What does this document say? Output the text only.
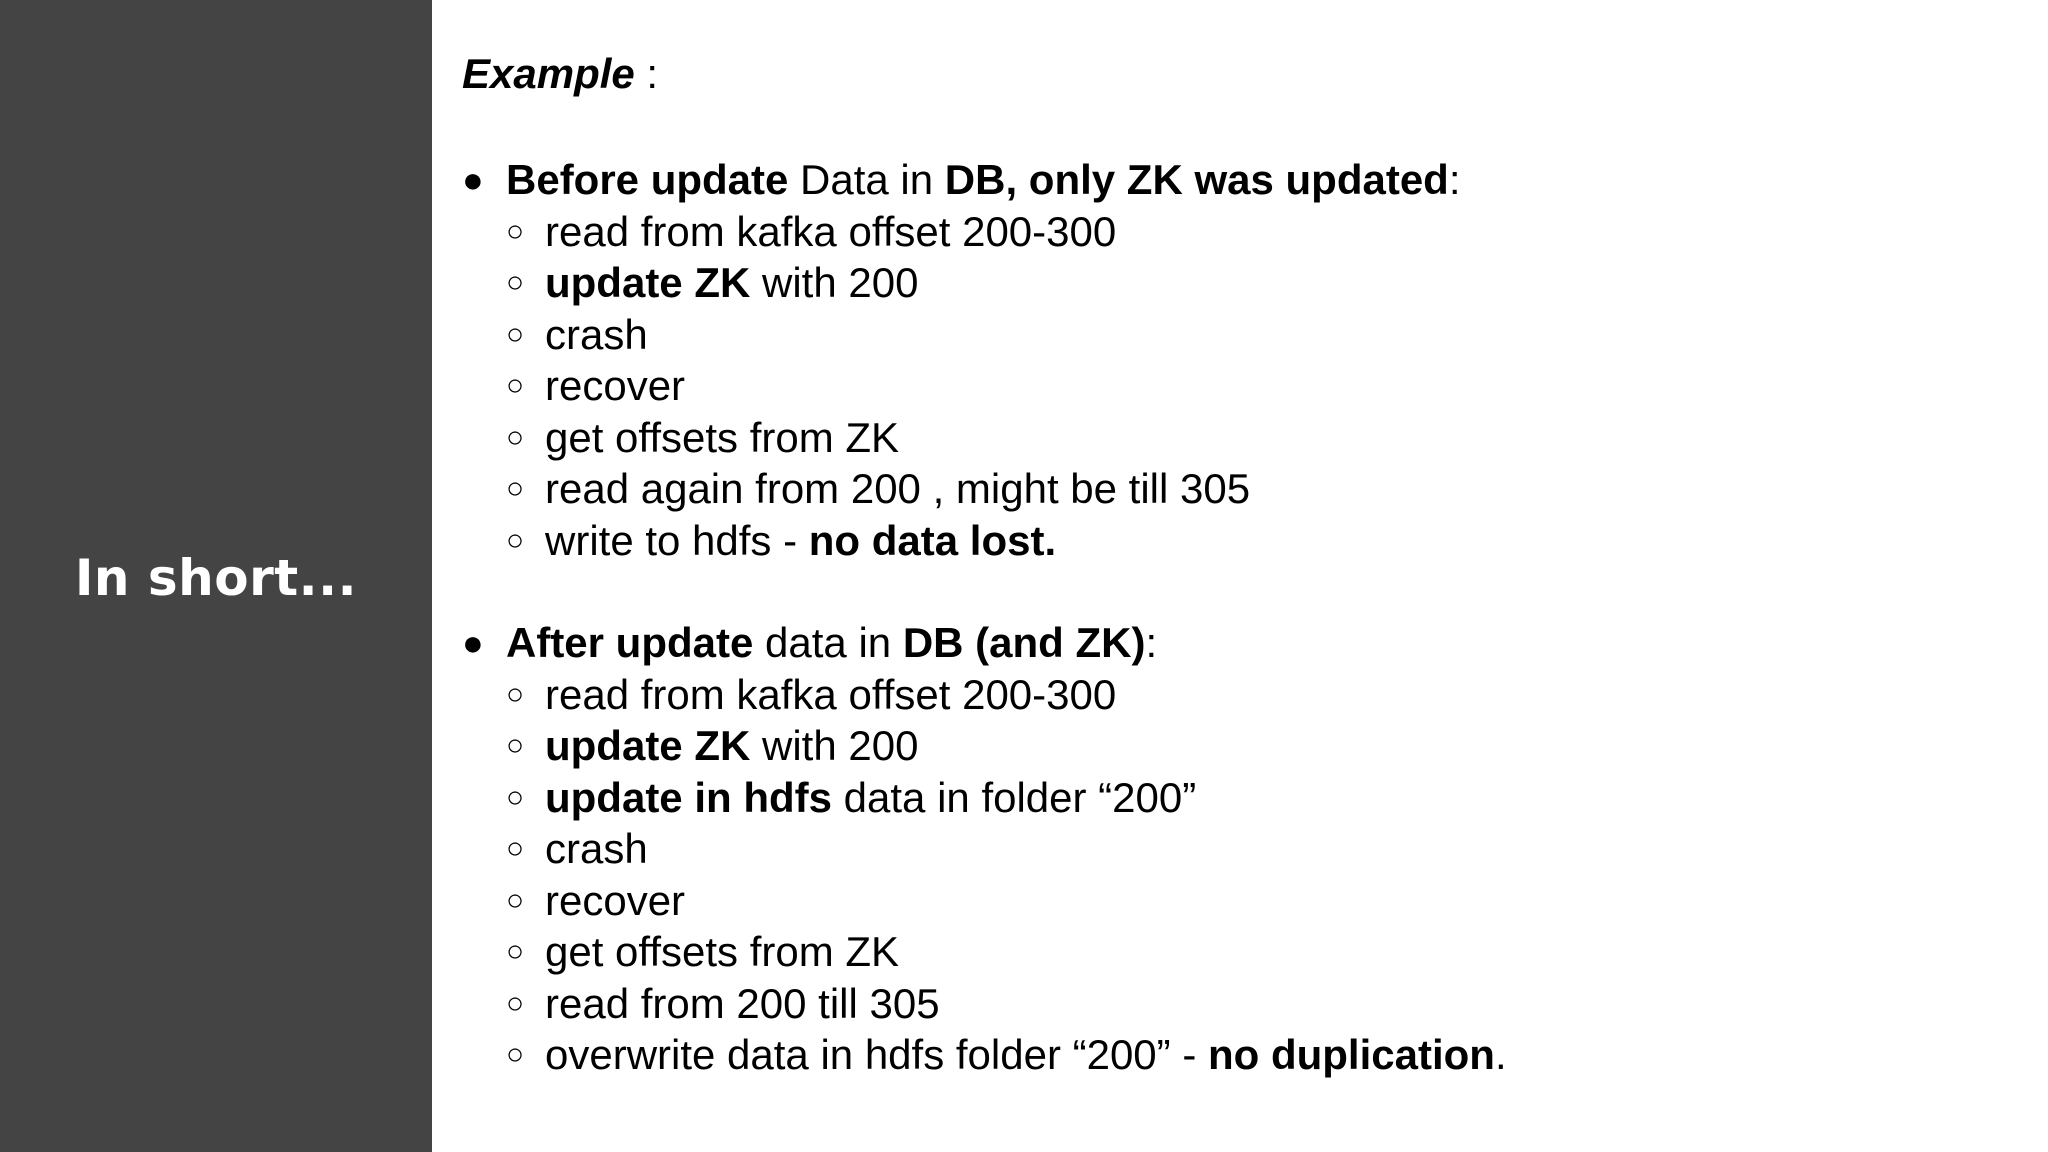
In short...
Example :
● Before update Data in DB, only ZK was updated:
○ read from kafka offset 200-300
○ update ZK with 200
○ crash
○ recover
○ get offsets from ZK
○ read again from 200 , might be till 305
○ write to hdfs - no data lost.
● After update data in DB (and ZK):
○ read from kafka offset 200-300
○ update ZK with 200
○ update in hdfs data in folder “200”
○ crash
○ recover
○ get offsets from ZK
○ read from 200 till 305
○ overwrite data in hdfs folder “200” - no duplication.
